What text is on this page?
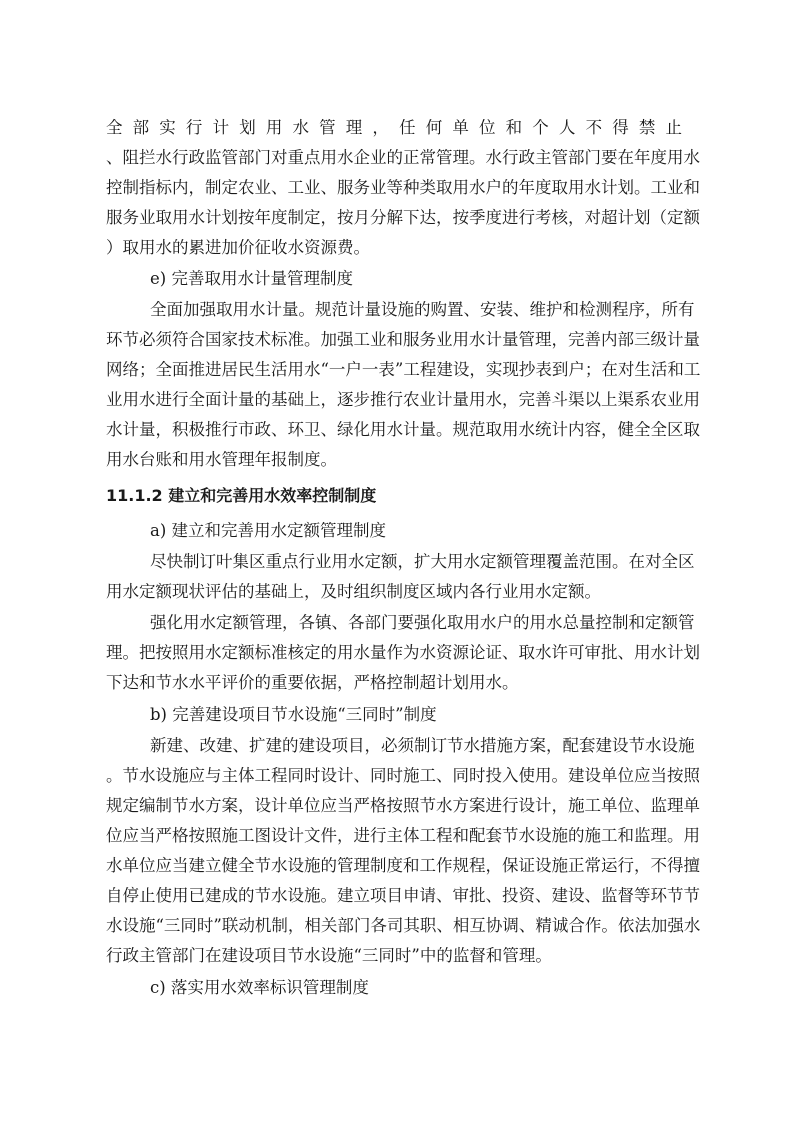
全部实行计划用水管理，任何单位和个人不得禁止
、阻拦水行政监管部门对重点用水企业的正常管理。水行政主管部门要在年度用水
控制指标内，制定农业、工业、服务业等种类取用水户的年度取用水计划。工业和
服务业取用水计划按年度制定，按月分解下达，按季度进行考核，对超计划（定额
）取用水的累进加价征收水资源费。
e) 完善取用水计量管理制度
全面加强取用水计量。规范计量设施的购置、安装、维护和检测程序，所有
环节必须符合国家技术标准。加强工业和服务业用水计量管理，完善内部三级计量
网络；全面推进居民生活用水“一户一表”工程建设，实现抄表到户；在对生活和工
业用水进行全面计量的基础上，逐步推行农业计量用水，完善斗渠以上渠系农业用
水计量，积极推行市政、环卫、绿化用水计量。规范取用水统计内容，健全全区取
用水台账和用水管理年报制度。
11.1.2 建立和完善用水效率控制制度
a) 建立和完善用水定额管理制度
尽快制订叶集区重点行业用水定额，扩大用水定额管理覆盖范围。在对全区
用水定额现状评估的基础上，及时组织制度区域内各行业用水定额。
强化用水定额管理，各镇、各部门要强化取用水户的用水总量控制和定额管
理。把按照用水定额标准核定的用水量作为水资源论证、取水许可审批、用水计划
下达和节水水平评价的重要依据，严格控制超计划用水。
b) 完善建设项目节水设施“三同时”制度
新建、改建、扩建的建设项目，必须制订节水措施方案，配套建设节水设施
。节水设施应与主体工程同时设计、同时施工、同时投入使用。建设单位应当按照
规定编制节水方案，设计单位应当严格按照节水方案进行设计，施工单位、监理单
位应当严格按照施工图设计文件，进行主体工程和配套节水设施的施工和监理。用
水单位应当建立健全节水设施的管理制度和工作规程，保证设施正常运行，不得擅
自停止使用已建成的节水设施。建立项目申请、审批、投资、建设、监督等环节节
水设施“三同时”联动机制，相关部门各司其职、相互协调、精诚合作。依法加强水
行政主管部门在建设项目节水设施“三同时”中的监督和管理。
c) 落实用水效率标识管理制度
